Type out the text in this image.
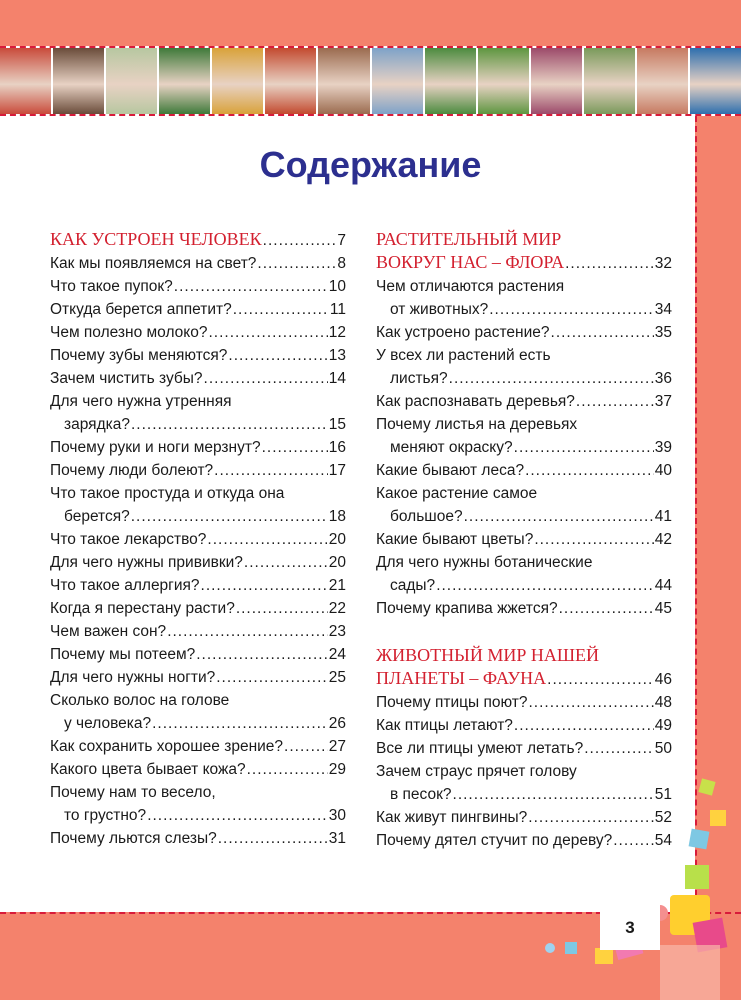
Содержание
КАК УСТРОЕН ЧЕЛОВЕК .....	7
Как мы появляемся на свет? .....	8
Что такое пупок? .....	10
Откуда берется аппетит? .....	11
Чем полезно молоко? .....	12
Почему зубы меняются? .....	13
Зачем чистить зубы? .....	14
Для чего нужна утренняя
зарядка? .....	15
Почему руки и ноги мерзнут? .....	16
Почему люди болеют? .....	17
Что такое простуда и откуда она
берется? .....	18
Что такое лекарство? .....	20
Для чего нужны прививки? .....	20
Что такое аллергия? .....	21
Когда я перестану расти? .....	22
Чем важен сон? .....	23
Почему мы потеем? .....	24
Для чего нужны ногти? .....	25
Сколько волос на голове
у человека? .....	26
Как сохранить хорошее зрение? .....	27
Какого цвета бывает кожа? .....	29
Почему нам то весело,
то грустно? .....	30
Почему льются слезы? .....	31
РАСТИТЕЛЬНЫЙ МИР
ВОКРУГ НАС – ФЛОРА .....	32
Чем отличаются растения
от животных? .....	34
Как устроено растение? .....	35
У всех ли растений есть
листья? .....	36
Как распознавать деревья? .....	37
Почему листья на деревьях
меняют окраску? .....	39
Какие бывают леса? .....	40
Какое растение самое
большое? .....	41
Какие бывают цветы? .....	42
Для чего нужны ботанические
сады? .....	44
Почему крапива жжется? .....	45
ЖИВОТНЫЙ МИР НАШЕЙ
ПЛАНЕТЫ – ФАУНА .....	46
Почему птицы поют? .....	48
Как птицы летают? .....	49
Все ли птицы умеют летать? .....	50
Зачем страус прячет голову
в песок? .....	51
Как живут пингвины? .....	52
Почему дятел стучит по дереву? .....	54
3
